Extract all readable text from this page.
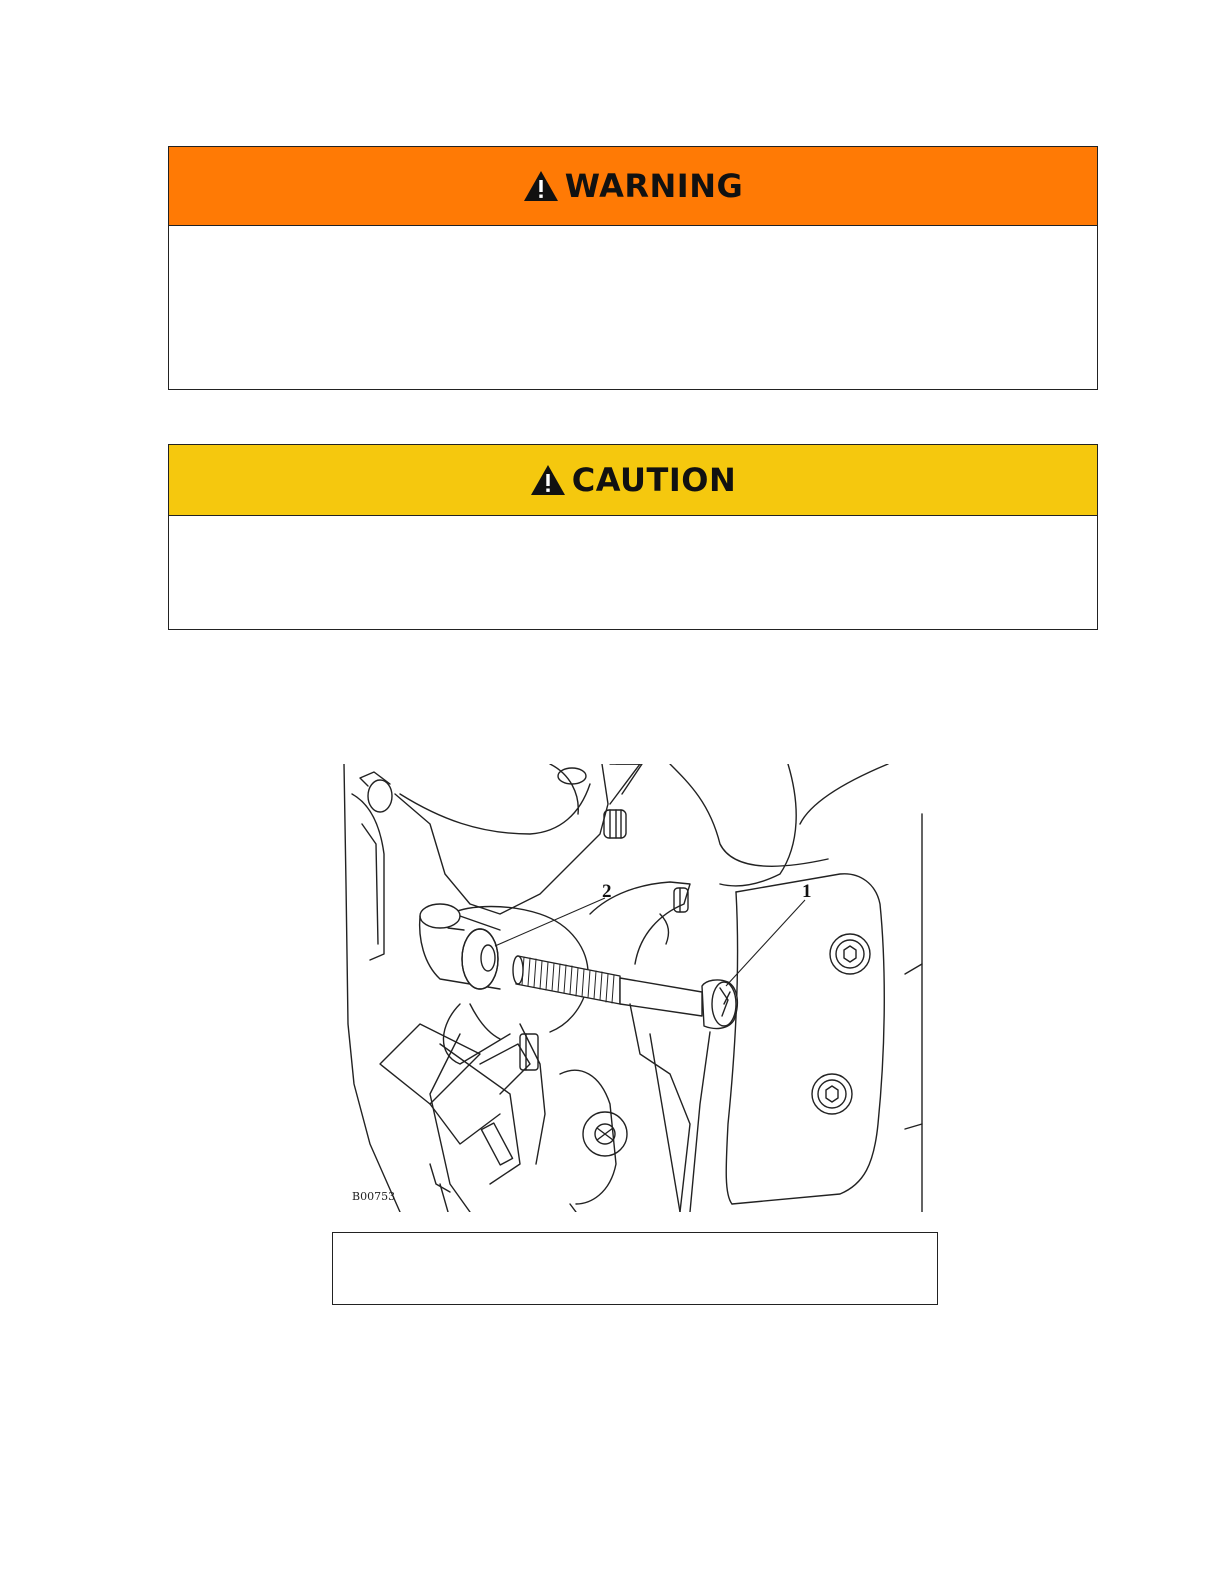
WARNING
CAUTION
2	1
B00753
